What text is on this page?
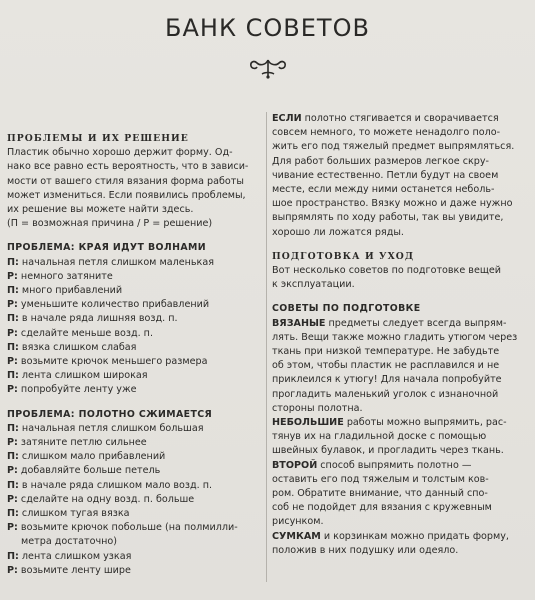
БАНК СОВЕТОВ
ПРОБЛЕМЫ И ИХ РЕШЕНИЕ
Пластик обычно хорошо держит форму. Од-
нако все равно есть вероятность, что в зависи-
мости от вашего стиля вязания форма работы
может измениться. Если появились проблемы,
их решение вы можете найти здесь.
(П = возможная причина / Р = решение)
ПРОБЛЕМА: КРАЯ ИДУТ ВОЛНАМИ
П: начальная петля слишком маленькая
Р: немного затяните
П: много прибавлений
Р: уменьшите количество прибавлений
П: в начале ряда лишняя возд. п.
Р: сделайте меньше возд. п.
П: вязка слишком слабая
Р: возьмите крючок меньшего размера
П: лента слишком широкая
Р: попробуйте ленту уже
ПРОБЛЕМА: ПОЛОТНО СЖИМАЕТСЯ
П: начальная петля слишком большая
Р: затяните петлю сильнее
П: слишком мало прибавлений
Р: добавляйте больше петель
П: в начале ряда слишком мало возд. п.
Р: сделайте на одну возд. п. больше
П: слишком тугая вязка
Р: возьмите крючок побольше (на полмилли-
метра достаточно)
П: лента слишком узкая
Р: возьмите ленту шире
ЕСЛИ полотно стягивается и сворачивается
совсем немного, то можете ненадолго поло-
жить его под тяжелый предмет выпрямляться.
Для работ больших размеров легкое скру-
чивание естественно. Петли будут на своем
месте, если между ними останется неболь-
шое пространство. Вязку можно и даже нужно
выпрямлять по ходу работы, так вы увидите,
хорошо ли ложатся ряды.
ПОДГОТОВКА И УХОД
Вот несколько советов по подготовке вещей
к эксплуатации.
СОВЕТЫ ПО ПОДГОТОВКЕ
ВЯЗАНЫЕ предметы следует всегда выпрям-
лять. Вещи также можно гладить утюгом через
ткань при низкой температуре. Не забудьте
об этом, чтобы пластик не расплавился и не
приклеился к утюгу! Для начала попробуйте
прогладить маленький уголок с изнаночной
стороны полотна.
НЕБОЛЬШИЕ работы можно выпрямить, рас-
тянув их на гладильной доске с помощью
швейных булавок, и прогладить через ткань.
ВТОРОЙ способ выпрямить полотно —
оставить его под тяжелым и толстым ков-
ром. Обратите внимание, что данный спо-
соб не подойдет для вязания с кружевным
рисунком.
СУМКАМ и корзинкам можно придать форму,
положив в них подушку или одеяло.
